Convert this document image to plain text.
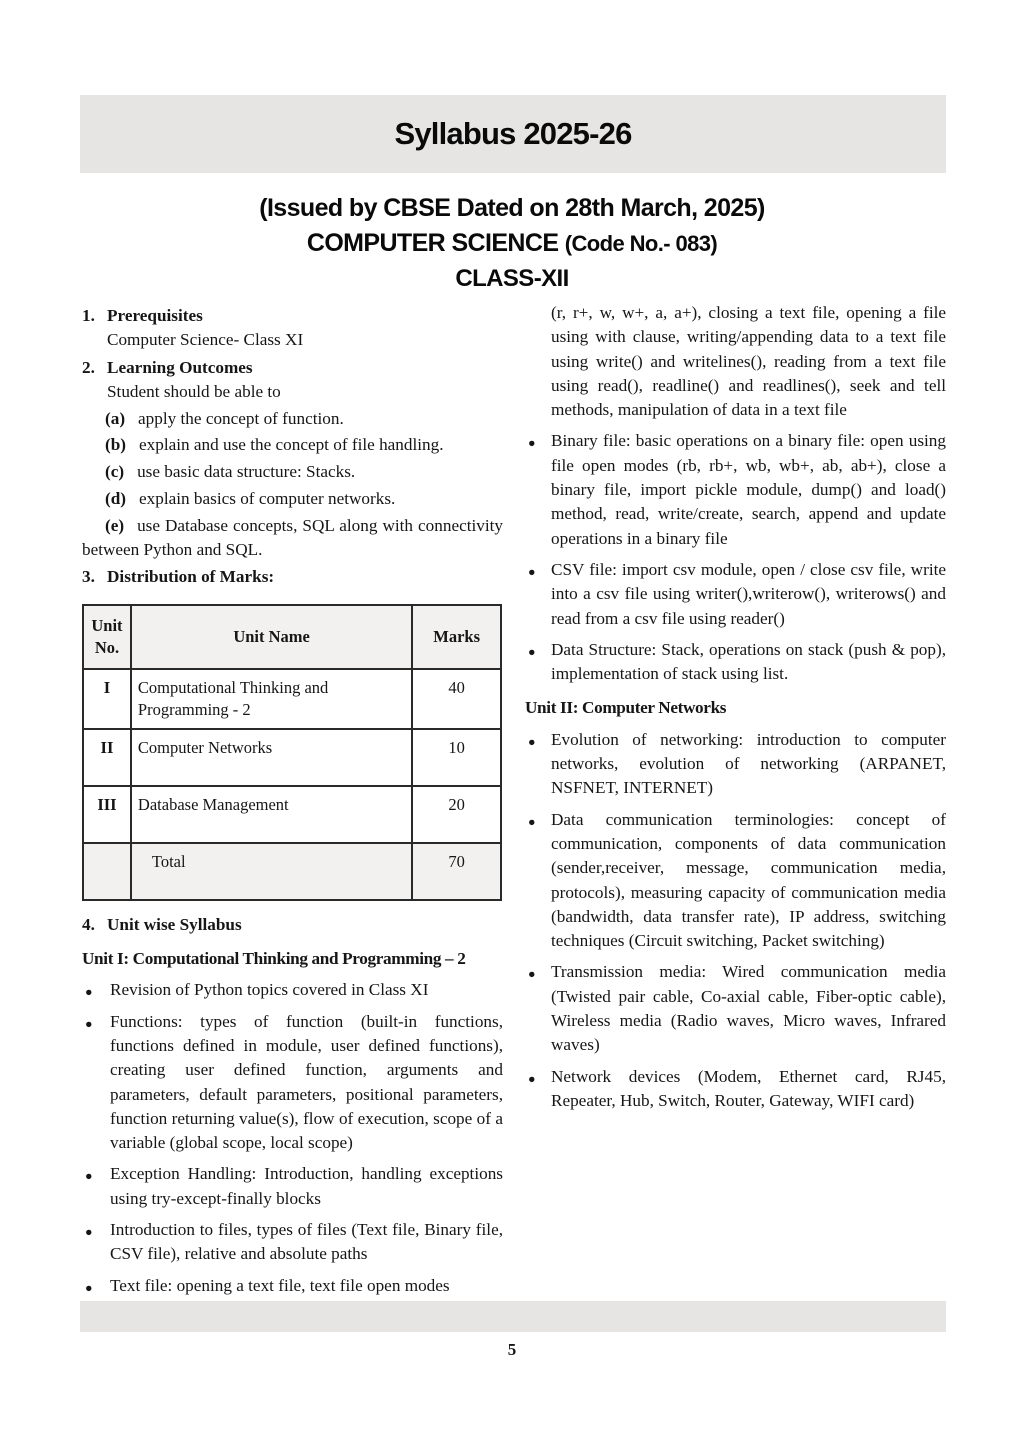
Syllabus 2025-26
(Issued by CBSE Dated on 28th March, 2025)
COMPUTER SCIENCE (Code No.- 083)
CLASS-XII
1. Prerequisites
Computer Science- Class XI
2. Learning Outcomes
Student should be able to

(a) apply the concept of function.

(b) explain and use the concept of file handling.

(c) use basic data structure: Stacks.

(d) explain basics of computer networks.

(e) use Database concepts, SQL along with connectivity between Python and SQL.

3. Distribution of Marks:
Unit No.	Unit Name	Marks
I	Computational Thinking and Programming - 2	40
II	Computer Networks	10
III	Database Management	20
	Total	70
4. Unit wise Syllabus
Unit I: Computational Thinking and Programming – 2
● Revision of Python topics covered in Class XI
● Functions: types of function (built-in functions, functions defined in module, user defined functions), creating user defined function, arguments and parameters, default parameters, positional parameters, function returning value(s), flow of execution, scope of a variable (global scope, local scope)
● Exception Handling: Introduction, handling exceptions using try-except-finally blocks
● Introduction to files, types of files (Text file, Binary file, CSV file), relative and absolute paths
● Text file: opening a text file, text file open modes

(r, r+, w, w+, a, a+), closing a text file, opening a file using with clause, writing/appending data to a text file using write() and writelines(), reading from a text file using read(), readline() and readlines(), seek and tell methods, manipulation of data in a text file

● Binary file: basic operations on a binary file: open using file open modes (rb, rb+, wb, wb+, ab, ab+), close a binary file, import pickle module, dump() and load() method, read, write/create, search, append and update operations in a binary file
● CSV file: import csv module, open / close csv file, write into a csv file using writer(),writerow(), writerows() and read from a csv file using reader()
● Data Structure: Stack, operations on stack (push & pop), implementation of stack using list.
Unit II: Computer Networks
● Evolution of networking: introduction to computer networks, evolution of networking (ARPANET, NSFNET, INTERNET)
● Data communication terminologies: concept of communication, components of data communication (sender,receiver, message, communication media, protocols), measuring capacity of communication media (bandwidth, data transfer rate), IP address, switching techniques (Circuit switching, Packet switching)
● Transmission media: Wired communication media (Twisted pair cable, Co-axial cable, Fiber-optic cable), Wireless media (Radio waves, Micro waves, Infrared waves)
● Network devices (Modem, Ethernet card, RJ45, Repeater, Hub, Switch, Router, Gateway, WIFI card)
5
